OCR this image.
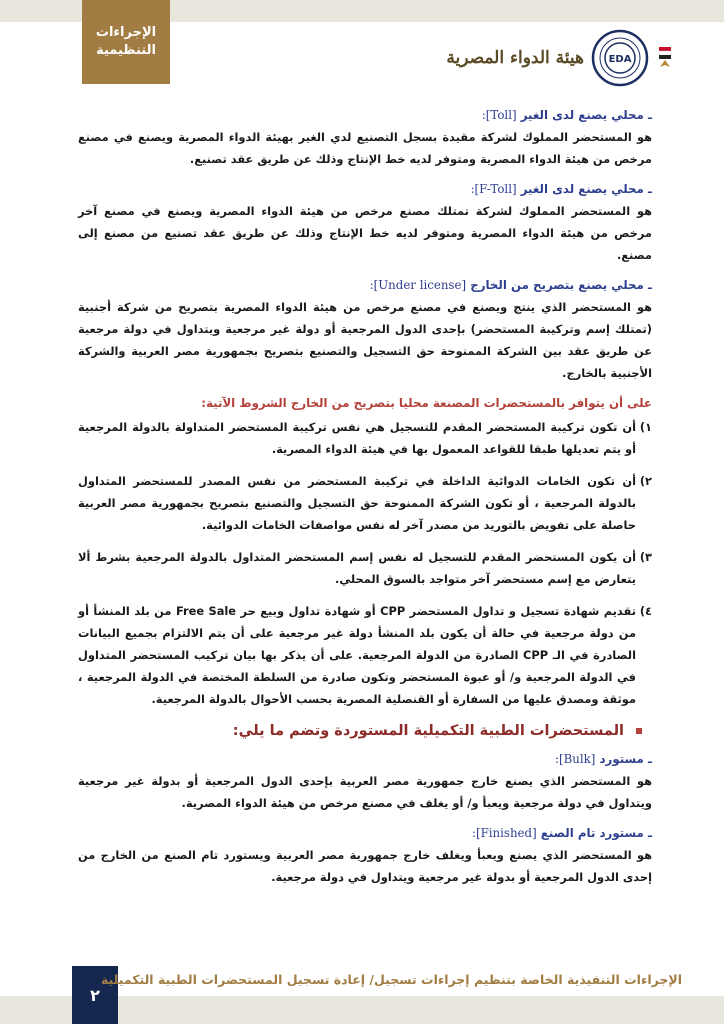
الإجراءات
التنظيمية	هيئة الدواء المصرية EDA

ـ محلي يصنع لدى الغير [Toll]:

هو المستحضر المملوك لشركة مقيدة بسجل التصنيع لدي الغير بهيئة الدواء المصرية ويصنع في مصنع مرخص من هيئة الدواء المصرية ومتوفر لديه خط الإنتاج وذلك عن طريق عقد تصنيع.

ـ محلي يصنع لدى الغير [F-Toll]:

هو المستحضر المملوك لشركة تمتلك مصنع مرخص من هيئة الدواء المصرية ويصنع في مصنع آخر مرخص من هيئة الدواء المصرية ومتوفر لديه خط الإنتاج وذلك عن طريق عقد تصنيع من مصنع إلى مصنع.

ـ محلي يصنع بتصريح من الخارج [Under license]:

هو المستحضر الذي ينتج ويصنع في مصنع مرخص من هيئة الدواء المصرية بتصريح من شركة أجنبية (تمتلك إسم وتركيبة المستحضر) بإحدى الدول المرجعية أو دولة غير مرجعية ويتداول في دولة مرجعية عن طريق عقد بين الشركة الممنوحة حق التسجيل والتصنيع بتصريح بجمهورية مصر العربية والشركة الأجنبية بالخارج.

على أن يتوافر بالمستحضرات المصنعة محليا بتصريح من الخارج الشروط الآتية:

١)
أن تكون تركيبة المستحضر المقدم للتسجيل هي نفس تركيبة المستحضر المتداولة بالدولة المرجعية أو يتم تعديلها طبقا للقواعد المعمول بها في هيئة الدواء المصرية.
٢)
أن تكون الخامات الدوائية الداخلة في تركيبة المستحضر من نفس المصدر للمستحضر المتداول بالدولة المرجعية ، أو تكون الشركة الممنوحة حق التسجيل والتصنيع بتصريح بجمهورية مصر العربية حاصلة على تفويض بالتوريد من مصدر آخر له نفس مواصفات الخامات الدوائية.
٣)
أن يكون المستحضر المقدم للتسجيل له نفس إسم المستحضر المتداول بالدولة المرجعية بشرط ألا يتعارض مع إسم مستحضر آخر متواجد بالسوق المحلي.
٤)
تقديم شهادة تسجيل و تداول المستحضر CPP أو شهادة تداول وبيع حر Free Sale من بلد المنشأ أو من دولة مرجعية في حالة أن يكون بلد المنشأ دولة غير مرجعية على أن يتم الالتزام بجميع البيانات الصادرة في الـ CPP الصادرة من الدولة المرجعية. على أن يذكر بها بيان تركيب المستحضر المتداول في الدولة المرجعية و/ أو عبوة المستحضر وتكون صادرة من السلطة المختصة في الدولة المرجعية ، موثقة ومصدق عليها من السفارة أو القنصلية المصرية بحسب الأحوال بالدولة المرجعية.
المستحضرات الطبية التكميلية المستوردة وتضم ما يلي:

ـ مستورد [Bulk]:

هو المستحضر الذي يصنع خارج جمهورية مصر العربية بإحدى الدول المرجعية أو بدولة غير مرجعية ويتداول في دولة مرجعية ويعبأ و/ أو يغلف في مصنع مرخص من هيئة الدواء المصرية.

ـ مستورد تام الصنع [Finished]:

هو المستحضر الذي يصنع ويعبأ ويغلف خارج جمهورية مصر العربية ويستورد تام الصنع من الخارج من إحدى الدول المرجعية أو بدولة غير مرجعية ويتداول في دولة مرجعية.

٢
الإجراءات التنفيذية الخاصة بتنظيم إجراءات تسجيل/ إعادة تسجيل المستحضرات الطبية التكميلية
